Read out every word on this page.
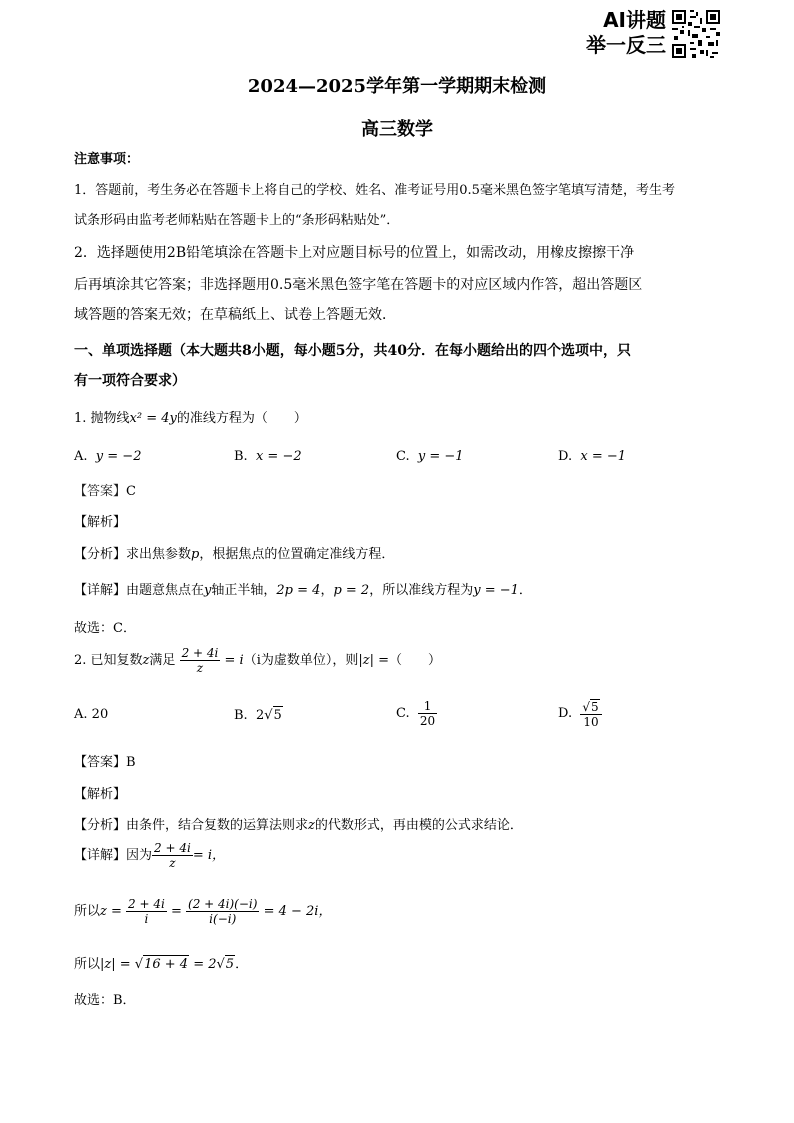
AI讲题
举一反三
2024—2025学年第一学期期末检测
高三数学
注意事项：
1．答题前，考生务必在答题卡上将自己的学校、姓名、准考证号用0.5毫米黑色签字笔填写清楚，考生考
试条形码由监考老师粘贴在答题卡上的“条形码粘贴处”．
2．选择题使用2B铅笔填涂在答题卡上对应题目标号的位置上，如需改动，用橡皮擦擦干净
后再填涂其它答案；非选择题用0.5毫米黑色签字笔在答题卡的对应区域内作答，超出答题区
域答题的答案无效；在草稿纸上、试卷上答题无效．
一、单项选择题（本大题共8小题，每小题5分，共40分．在每小题给出的四个选项中，只
有一项符合要求）
1. 抛物线x² = 4y的准线方程为（　　）
A. y = −2	B. x = −2	C. y = −1	D. x = −1
【答案】C
【解析】
【分析】求出焦参数p，根据焦点的位置确定准线方程．
【详解】由题意焦点在y轴正半轴，2p = 4，p = 2，所以准线方程为y = −1．
故选：C．
2. 已知复数z满足 $\frac{2 + 4i}{z} = i(i$为虚数单位），则|z| =（　　）
A. 20	B. 2√5	C. $\frac{1}{20}$	D. $\frac{√5}{10}$
【答案】B
【解析】
【分析】由条件，结合复数的运算法则求z的代数形式，再由模的公式求结论．
【详解】因为 $\frac{2 + 4i}{z} = i$，
所以$z = \frac{2 + 4i}{i} = \frac{(2 + 4i)(-i)}{i(-i)} = 4 - 2i$，
所以|z| = √16 + 4 = 2√5．
故选：B．
